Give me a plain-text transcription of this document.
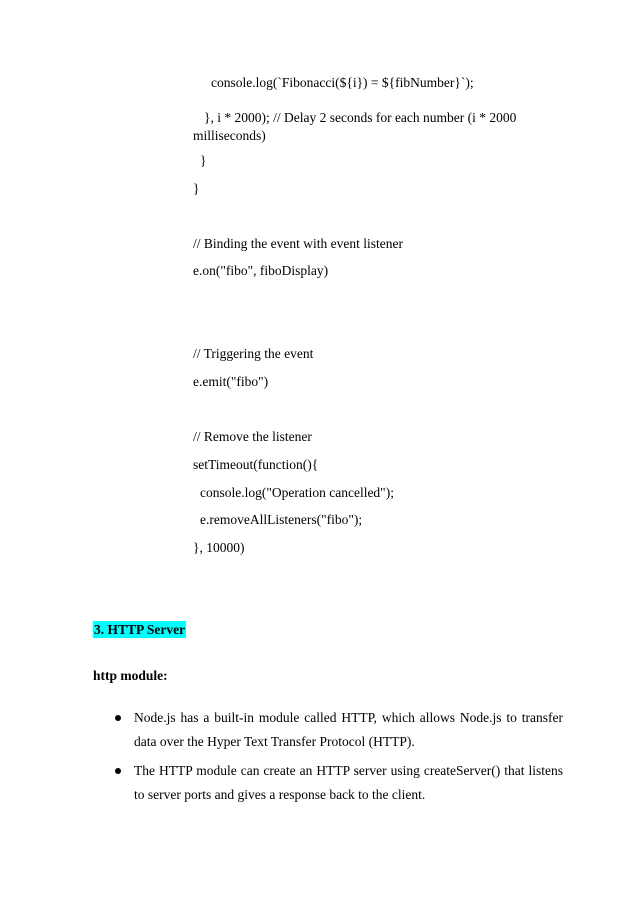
console.log(`Fibonacci(${i}) = ${fibNumber}`);
}, i * 2000); // Delay 2 seconds for each number (i * 2000
milliseconds)
}
}
// Binding the event with event listener
e.on("fibo", fiboDisplay)
// Triggering the event
e.emit("fibo")
// Remove the listener
setTimeout(function(){
console.log("Operation cancelled");
e.removeAllListeners("fibo");
}, 10000)
3. HTTP Server
http module:
Node.js has a built-in module called HTTP, which allows Node.js to transfer data over the Hyper Text Transfer Protocol (HTTP).
The HTTP module can create an HTTP server using createServer() that listens to server ports and gives a response back to the client.
